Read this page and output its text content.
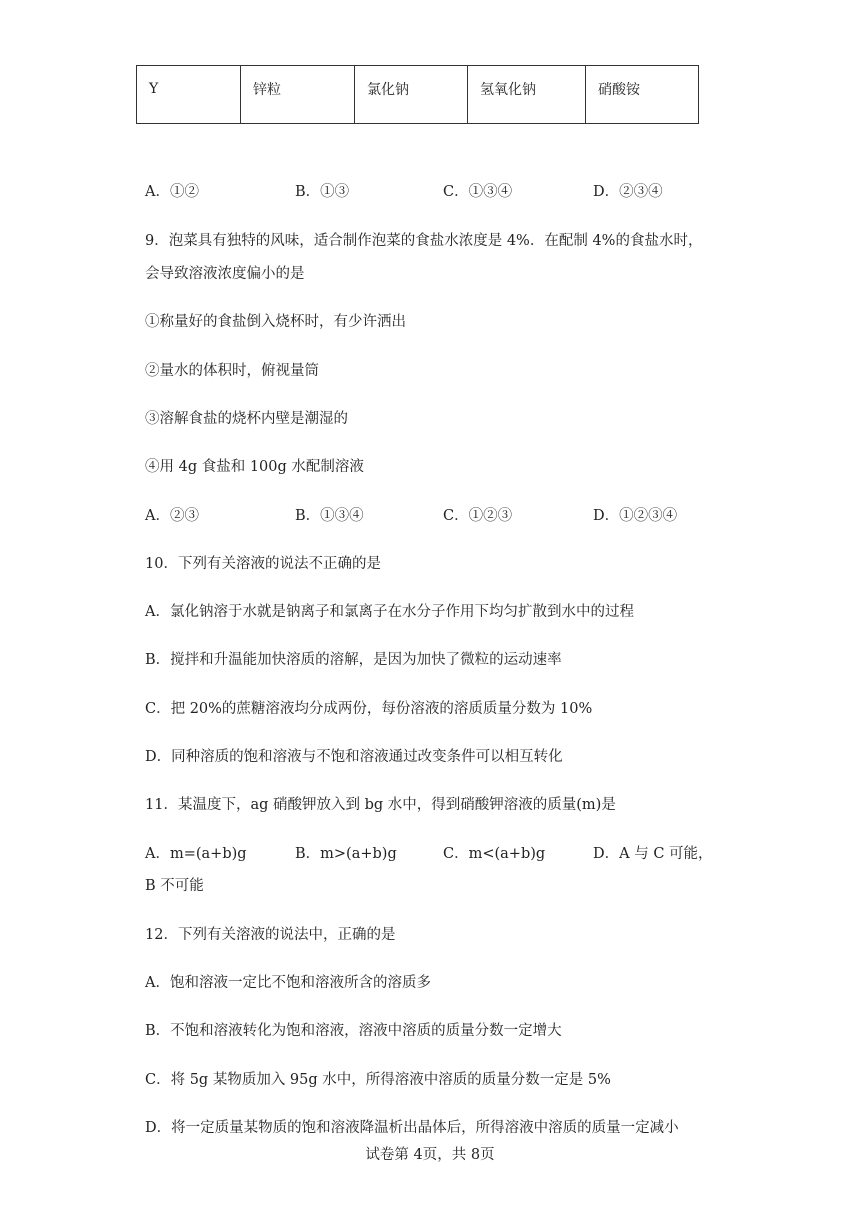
Y	锌粒	氯化钠	氢氧化钠	硝酸铵
A．①②	B．①③	C．①③④	D．②③④
9．泡菜具有独特的风味，适合制作泡菜的食盐水浓度是 4%．在配制 4%的食盐水时，
会导致溶液浓度偏小的是
①称量好的食盐倒入烧杯时，有少许洒出
②量水的体积时，俯视量筒
③溶解食盐的烧杯内壁是潮湿的
④用 4g 食盐和 100g 水配制溶液
A．②③	B．①③④	C．①②③	D．①②③④
10．下列有关溶液的说法不正确的是
A．氯化钠溶于水就是钠离子和氯离子在水分子作用下均匀扩散到水中的过程
B．搅拌和升温能加快溶质的溶解，是因为加快了微粒的运动速率
C．把 20%的蔗糖溶液均分成两份，每份溶液的溶质质量分数为 10%
D．同种溶质的饱和溶液与不饱和溶液通过改变条件可以相互转化
11．某温度下，ag 硝酸钾放入到 bg 水中，得到硝酸钾溶液的质量(m)是
A．m=(a+b)g	B．m>(a+b)g	C．m<(a+b)g	D．A 与 C 可能，
B 不可能
12．下列有关溶液的说法中，正确的是
A．饱和溶液一定比不饱和溶液所含的溶质多
B．不饱和溶液转化为饱和溶液，溶液中溶质的质量分数一定增大
C．将 5g 某物质加入 95g 水中，所得溶液中溶质的质量分数一定是 5%
D．将一定质量某物质的饱和溶液降温析出晶体后，所得溶液中溶质的质量一定减小
试卷第 4页，共 8页
